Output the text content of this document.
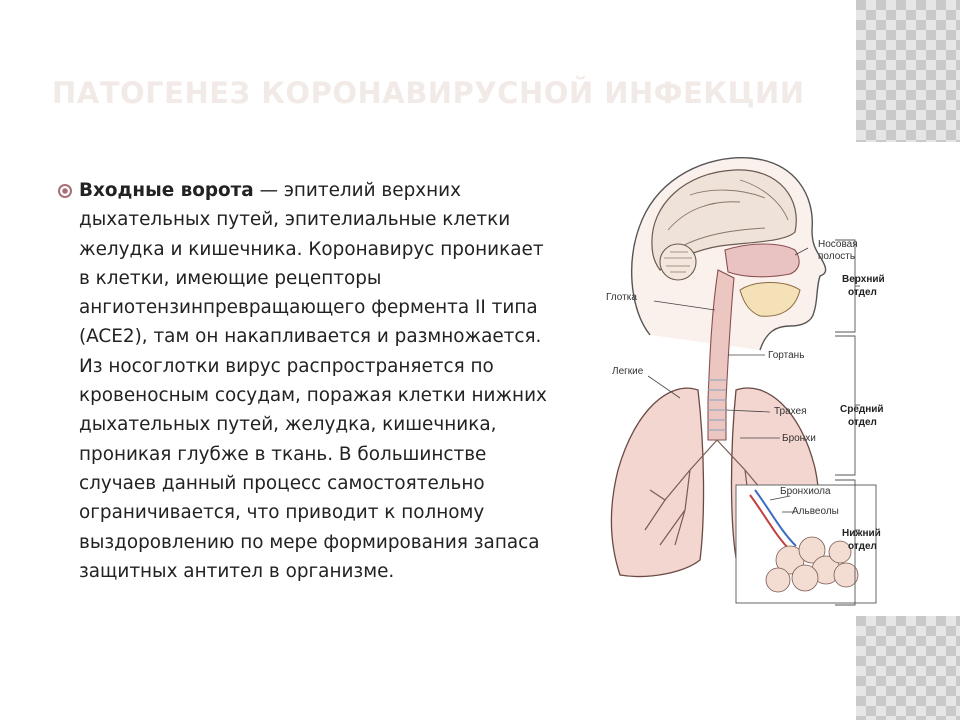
ПАТОГЕНЕЗ КОРОНАВИРУСНОЙ ИНФЕКЦИИ

Входные ворота — эпителий верхних дыхательных путей, эпителиальные клетки желудка и кишечника. Коронавирус проникает в клетки, имеющие рецепторы ангиотензинпревращающего фермента II типа (ACE2), там он накапливается и размножается. Из носоглотки вирус распространяется по кровеносным сосудам, поражая клетки нижних дыхательных путей, желудка, кишечника, проникая глубже в ткань. В большинстве случаев данный процесс самостоятельно ограничивается, что приводит к полному выздоровлению по мере формирования запаса защитных антител в организме.

Носовая
полость
Глотка
Гортань
Легкие
Трахея
Бронхи
Бронхиола
Альвеолы
Верхний
отдел
Средний
отдел
Нижний
отдел
